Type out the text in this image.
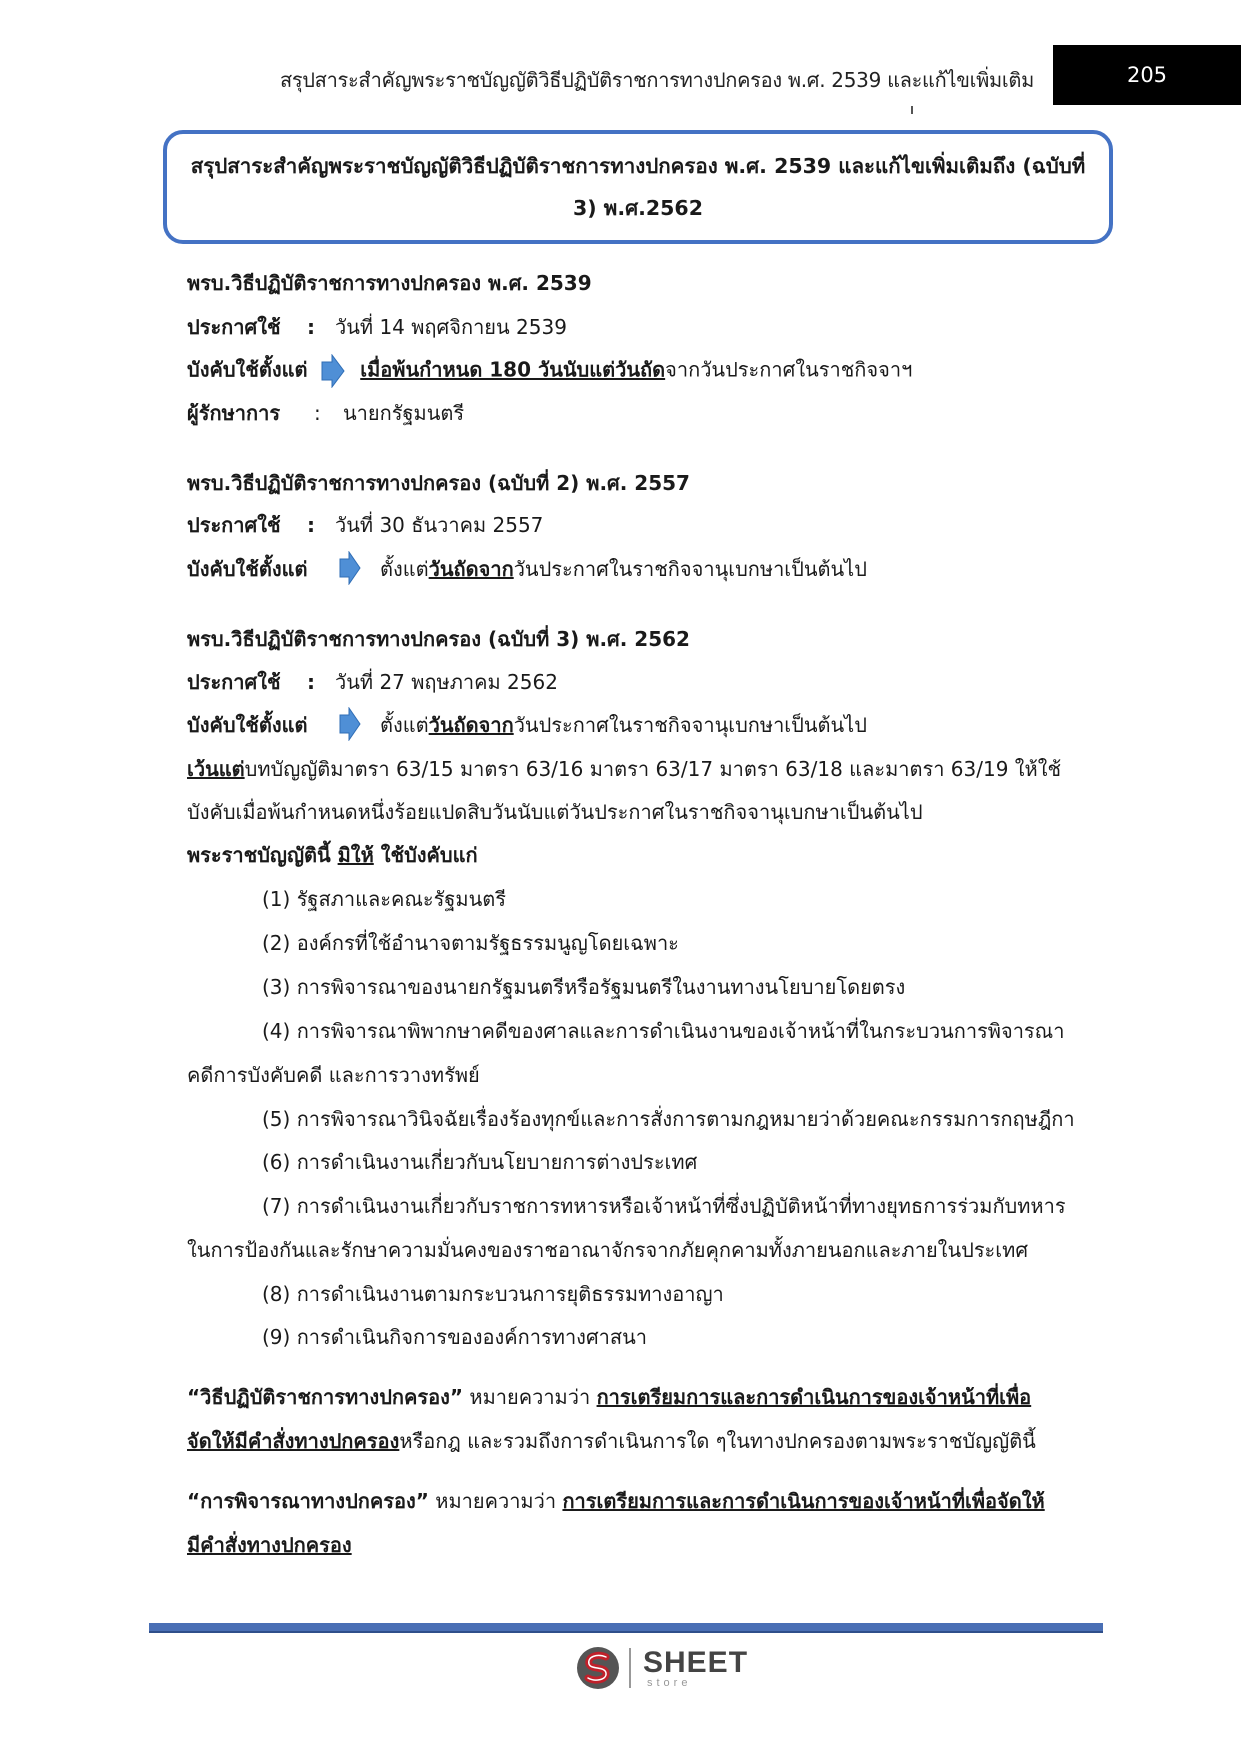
สรุปสาระสำคัญพระราชบัญญัติวิธีปฏิบัติราชการทางปกครอง พ.ศ. 2539 และแก้ไขเพิ่มเติม	205
สรุปสาระสำคัญพระราชบัญญัติวิธีปฏิบัติราชการทางปกครอง พ.ศ. 2539 และแก้ไขเพิ่มเติมถึง (ฉบับที่ 3) พ.ศ.2562
พรบ.วิธีปฏิบัติราชการทางปกครอง พ.ศ. 2539
ประกาศใช้ : วันที่ 14 พฤศจิกายน 2539
บังคับใช้ตั้งแต่	เมื่อพ้นกำหนด 180 วันนับแต่วันถัดจากวันประกาศในราชกิจจาฯ
ผู้รักษาการ : นายกรัฐมนตรี
พรบ.วิธีปฏิบัติราชการทางปกครอง (ฉบับที่ 2) พ.ศ. 2557
ประกาศใช้ : วันที่ 30 ธันวาคม 2557
บังคับใช้ตั้งแต่	ตั้งแต่วันถัดจากวันประกาศในราชกิจจานุเบกษาเป็นต้นไป
พรบ.วิธีปฏิบัติราชการทางปกครอง (ฉบับที่ 3) พ.ศ. 2562
ประกาศใช้ : วันที่ 27 พฤษภาคม 2562
บังคับใช้ตั้งแต่	ตั้งแต่วันถัดจากวันประกาศในราชกิจจานุเบกษาเป็นต้นไป
เว้นแต่บทบัญญัติมาตรา 63/15 มาตรา 63/16 มาตรา 63/17 มาตรา 63/18 และมาตรา 63/19 ให้ใช้
บังคับเมื่อพ้นกำหนดหนึ่งร้อยแปดสิบวันนับแต่วันประกาศในราชกิจจานุเบกษาเป็นต้นไป
พระราชบัญญัตินี้ มิให้ ใช้บังคับแก่
(1) รัฐสภาและคณะรัฐมนตรี
(2) องค์กรที่ใช้อำนาจตามรัฐธรรมนูญโดยเฉพาะ
(3) การพิจารณาของนายกรัฐมนตรีหรือรัฐมนตรีในงานทางนโยบายโดยตรง
(4) การพิจารณาพิพากษาคดีของศาลและการดำเนินงานของเจ้าหน้าที่ในกระบวนการพิจารณา
คดีการบังคับคดี และการวางทรัพย์
(5) การพิจารณาวินิจฉัยเรื่องร้องทุกข์และการสั่งการตามกฎหมายว่าด้วยคณะกรรมการกฤษฎีกา
(6) การดำเนินงานเกี่ยวกับนโยบายการต่างประเทศ
(7) การดำเนินงานเกี่ยวกับราชการทหารหรือเจ้าหน้าที่ซึ่งปฏิบัติหน้าที่ทางยุทธการร่วมกับทหาร
ในการป้องกันและรักษาความมั่นคงของราชอาณาจักรจากภัยคุกคามทั้งภายนอกและภายในประเทศ
(8) การดำเนินงานตามกระบวนการยุติธรรมทางอาญา
(9) การดำเนินกิจการขององค์การทางศาสนา
“วิธีปฏิบัติราชการทางปกครอง” หมายความว่า การเตรียมการและการดำเนินการของเจ้าหน้าที่เพื่อ
จัดให้มีคำสั่งทางปกครองหรือกฎ และรวมถึงการดำเนินการใด ๆในทางปกครองตามพระราชบัญญัตินี้
“การพิจารณาทางปกครอง” หมายความว่า การเตรียมการและการดำเนินการของเจ้าหน้าที่เพื่อจัดให้
มีคำสั่งทางปกครอง
SHEET
store
